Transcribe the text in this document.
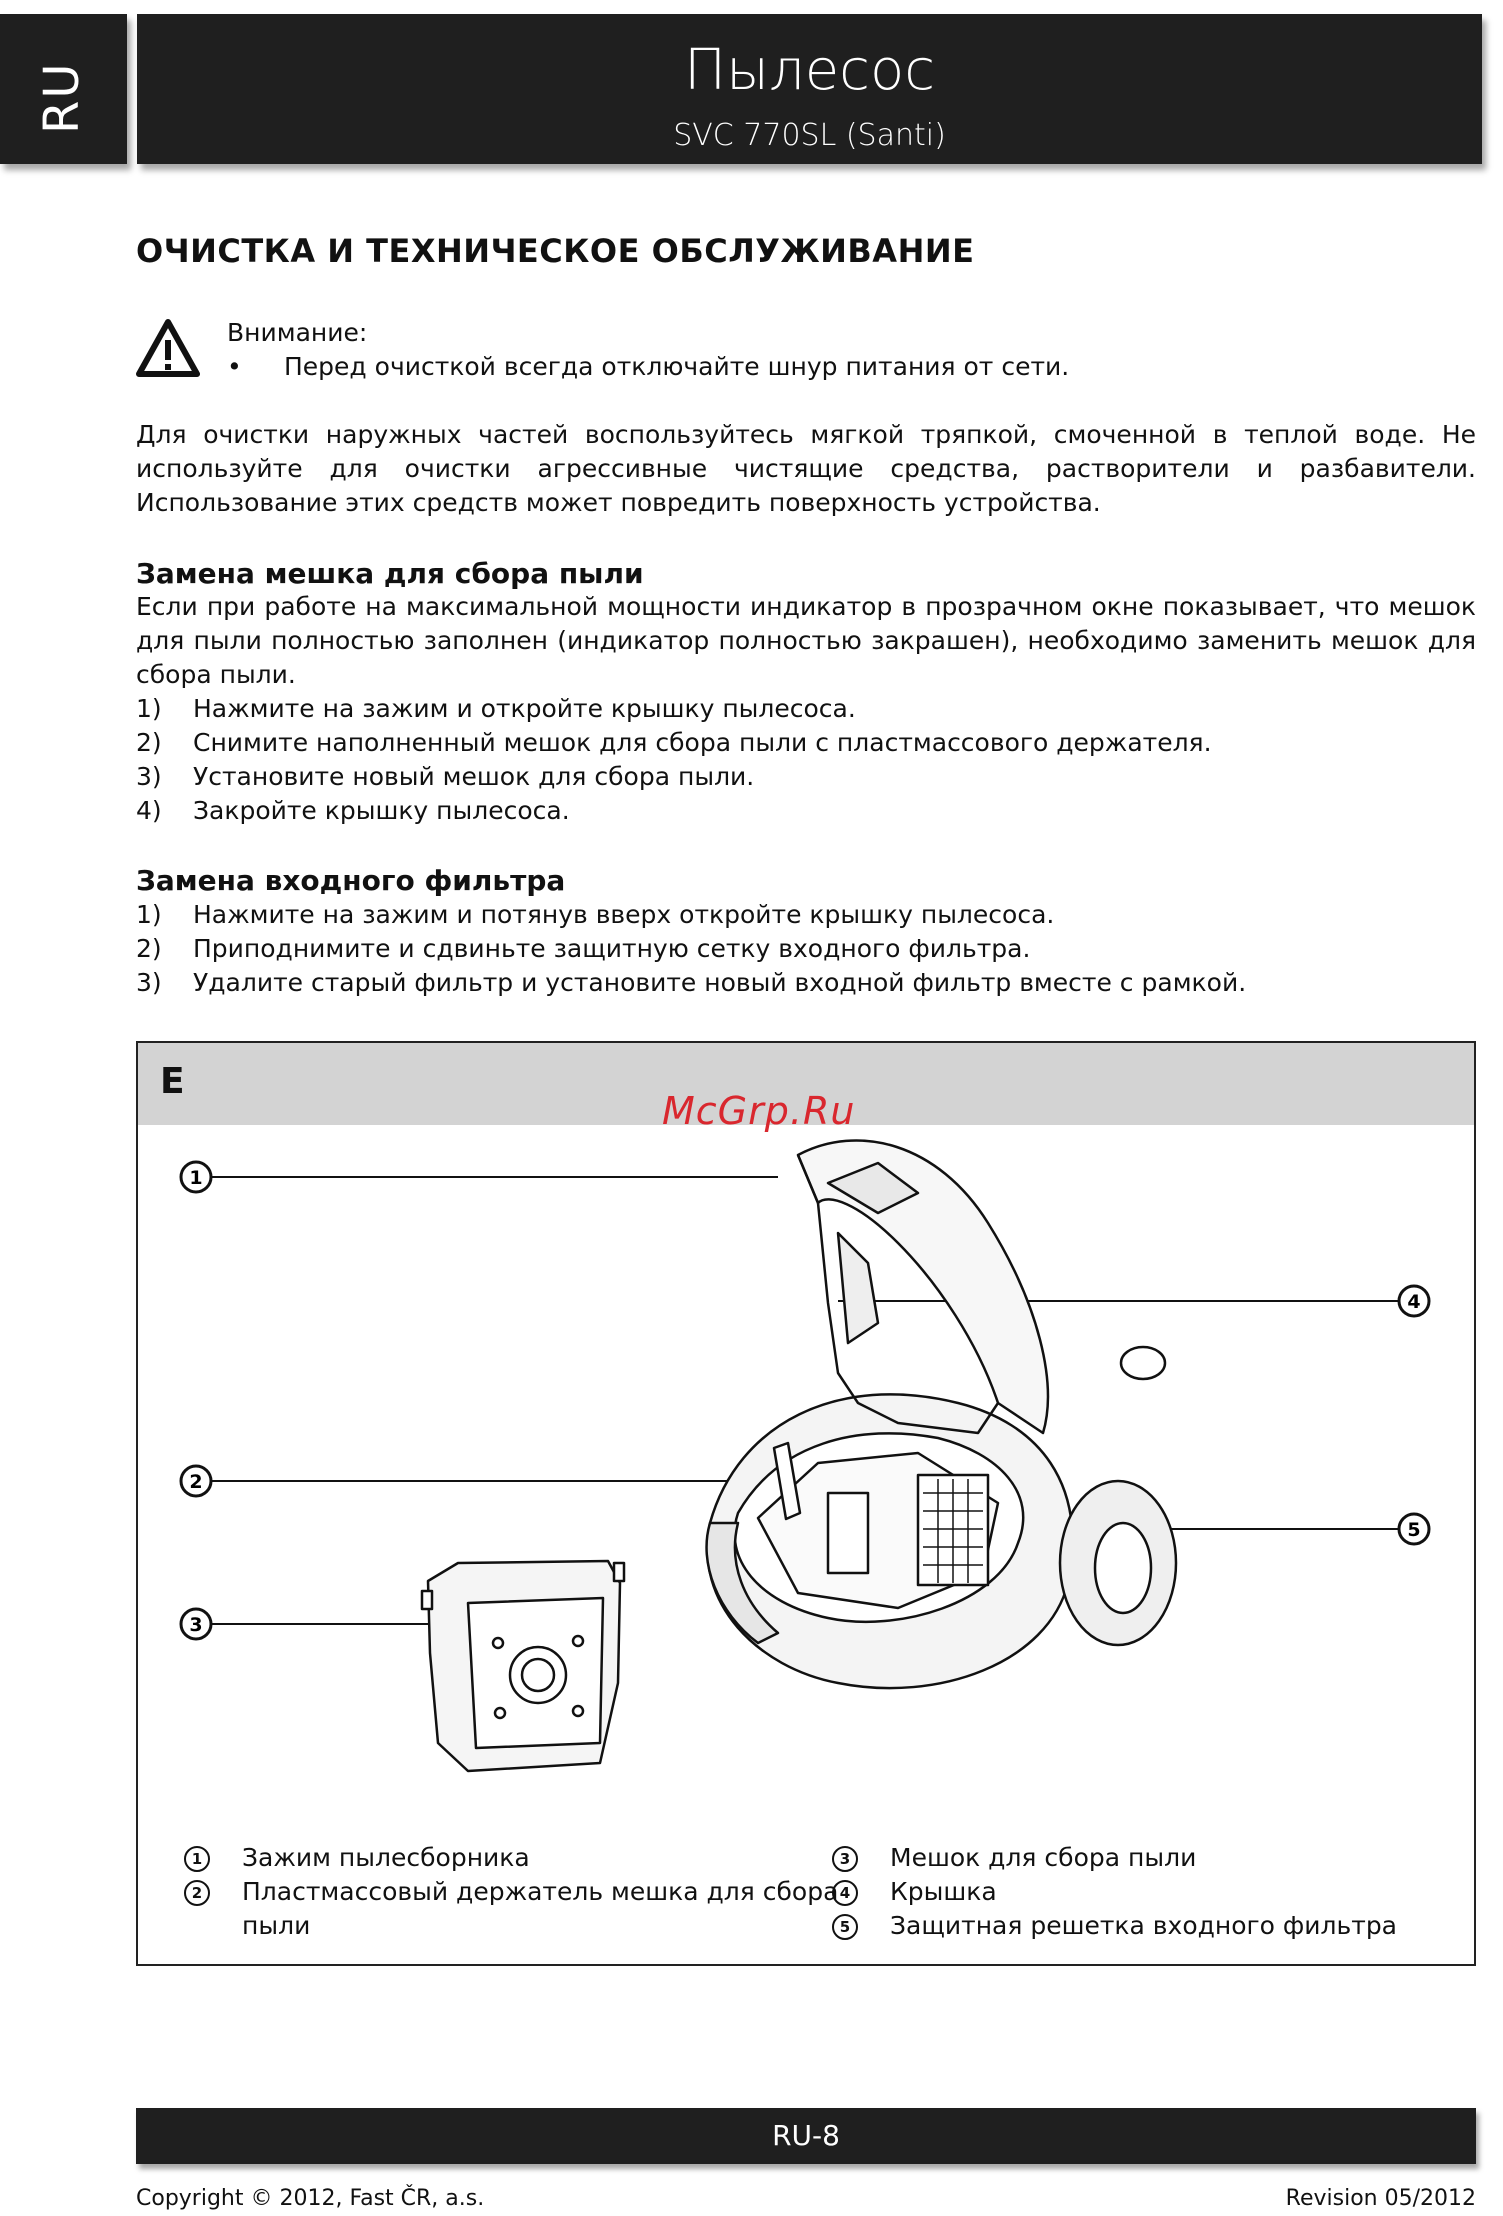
RU	Пылесос
SVC 770SL (Santi)
ОЧИСТКА И ТЕХНИЧЕСКОЕ ОБСЛУЖИВАНИЕ
Внимание:
• Перед очисткой всегда отключайте шнур питания от сети.
Для очистки наружных частей воспользуйтесь мягкой тряпкой, смоченной в теплой воде. Не используйте для очистки агрессивные чистящие средства, растворители и разбавители. Использование этих средств может повредить поверхность устройства.
Замена мешка для сбора пыли
Если при работе на максимальной мощности индикатор в прозрачном окне показывает, что мешок для пыли полностью заполнен (индикатор полностью закрашен), необходимо заменить мешок для сбора пыли.
1) Нажмите на зажим и откройте крышку пылесоса.
2) Снимите наполненный мешок для сбора пыли с пластмассового держателя.
3) Установите новый мешок для сбора пыли.
4) Закройте крышку пылесоса.
Замена входного фильтра
1) Нажмите на зажим и потянув вверх откройте крышку пылесоса.
2) Приподнимите и сдвиньте защитную сетку входного фильтра.
3) Удалите старый фильтр и установите новый входной фильтр вместе с рамкой.
E
McGrp.Ru
1
4
2
5
3
1	Зажим пылесборника
2	Пластмассовый держатель мешка для сбора
пыли
3	Мешок для сбора пыли
4	Крышка
5	Защитная решетка входного фильтра
RU-8
Copyright © 2012, Fast ČR, a.s.	Revision 05/2012
